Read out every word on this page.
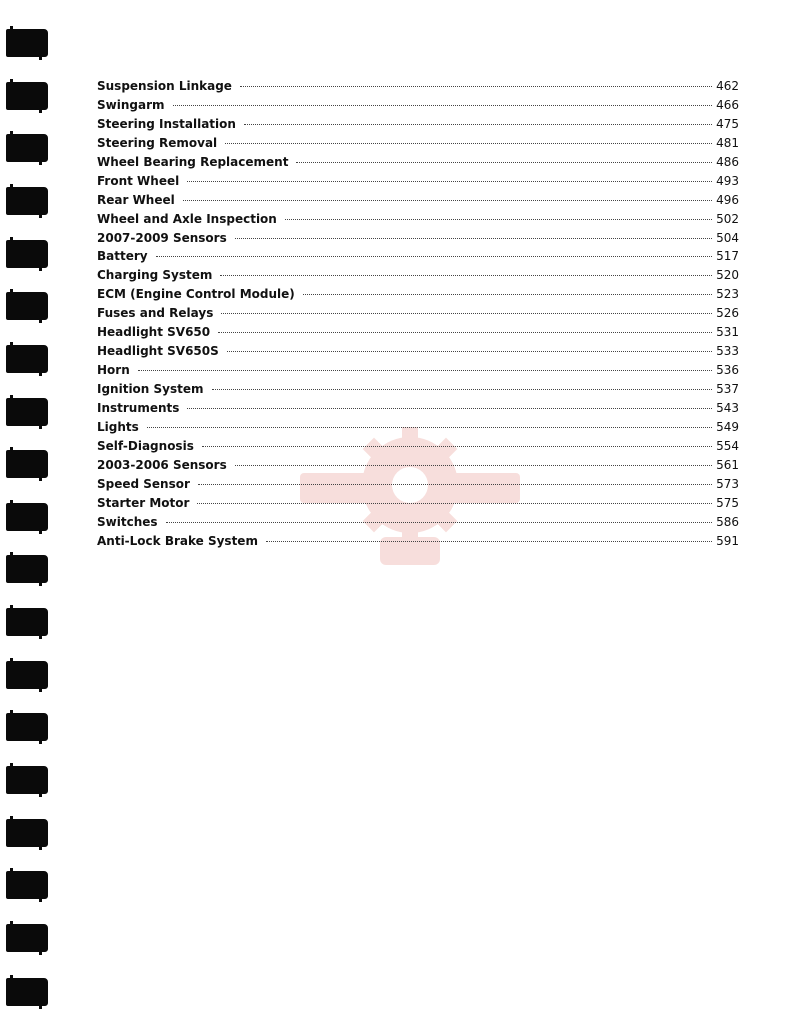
Suspension Linkage	462
Swingarm	466
Steering Installation	475
Steering Removal	481
Wheel Bearing Replacement	486
Front Wheel	493
Rear Wheel	496
Wheel and Axle Inspection	502
2007-2009 Sensors	504
Battery	517
Charging System	520
ECM (Engine Control Module)	523
Fuses and Relays	526
Headlight SV650	531
Headlight SV650S	533
Horn	536
Ignition System	537
Instruments	543
Lights	549
Self-Diagnosis	554
2003-2006 Sensors	561
Speed Sensor	573
Starter Motor	575
Switches	586
Anti-Lock Brake System	591
